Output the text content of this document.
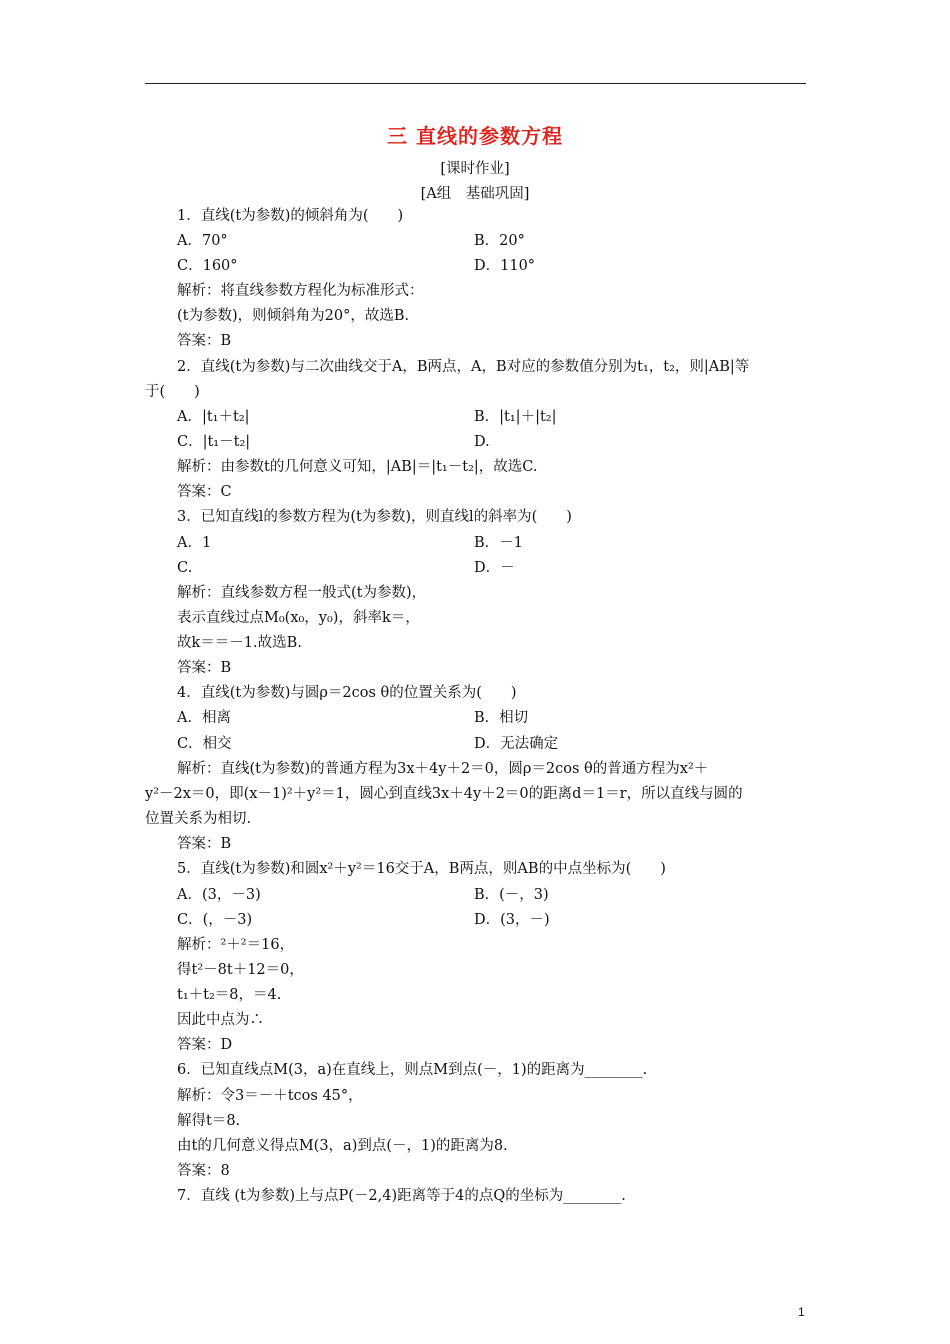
三 直线的参数方程
[课时作业]
[A组　基础巩固]
1．直线(t为参数)的倾斜角为(　　)
A．70°	B．20°
C．160°	D．110°
解析：将直线参数方程化为标准形式：
(t为参数)，则倾斜角为20°，故选B.
答案：B
2．直线(t为参数)与二次曲线交于A，B两点，A，B对应的参数值分别为t₁，t₂，则|AB|等
于(　　)
A．|t₁＋t₂|	B．|t₁|＋|t₂|
C．|t₁－t₂|	D.
解析：由参数t的几何意义可知，|AB|＝|t₁－t₂|，故选C.
答案：C
3．已知直线l的参数方程为(t为参数)，则直线l的斜率为(　　)
A．1	B．－1
C.	D．－
解析：直线参数方程一般式(t为参数)，
表示直线过点M₀(x₀，y₀)，斜率k＝，
故k＝＝－1.故选B.
答案：B
4．直线(t为参数)与圆ρ＝2cos θ的位置关系为(　　)
A．相离	B．相切
C．相交	D．无法确定
解析：直线(t为参数)的普通方程为3x＋4y＋2＝0，圆ρ＝2cos θ的普通方程为x²＋
y²－2x＝0，即(x－1)²＋y²＝1，圆心到直线3x＋4y＋2＝0的距离d＝1＝r，所以直线与圆的
位置关系为相切.
答案：B
5．直线(t为参数)和圆x²＋y²＝16交于A，B两点，则AB的中点坐标为(　　)
A．(3，－3)	B．(－，3)
C．(，－3)	D．(3，－)
解析：²＋²＝16，
得t²－8t＋12＝0，
t₁＋t₂＝8，＝4.
因此中点为∴
答案：D
6．已知直线点M(3，a)在直线上，则点M到点(－，1)的距离为________.
解析：令3＝－＋tcos 45°，
解得t＝8.
由t的几何意义得点M(3，a)到点(－，1)的距离为8.
答案：8
7．直线 (t为参数)上与点P(－2,4)距离等于4的点Q的坐标为________.
1
